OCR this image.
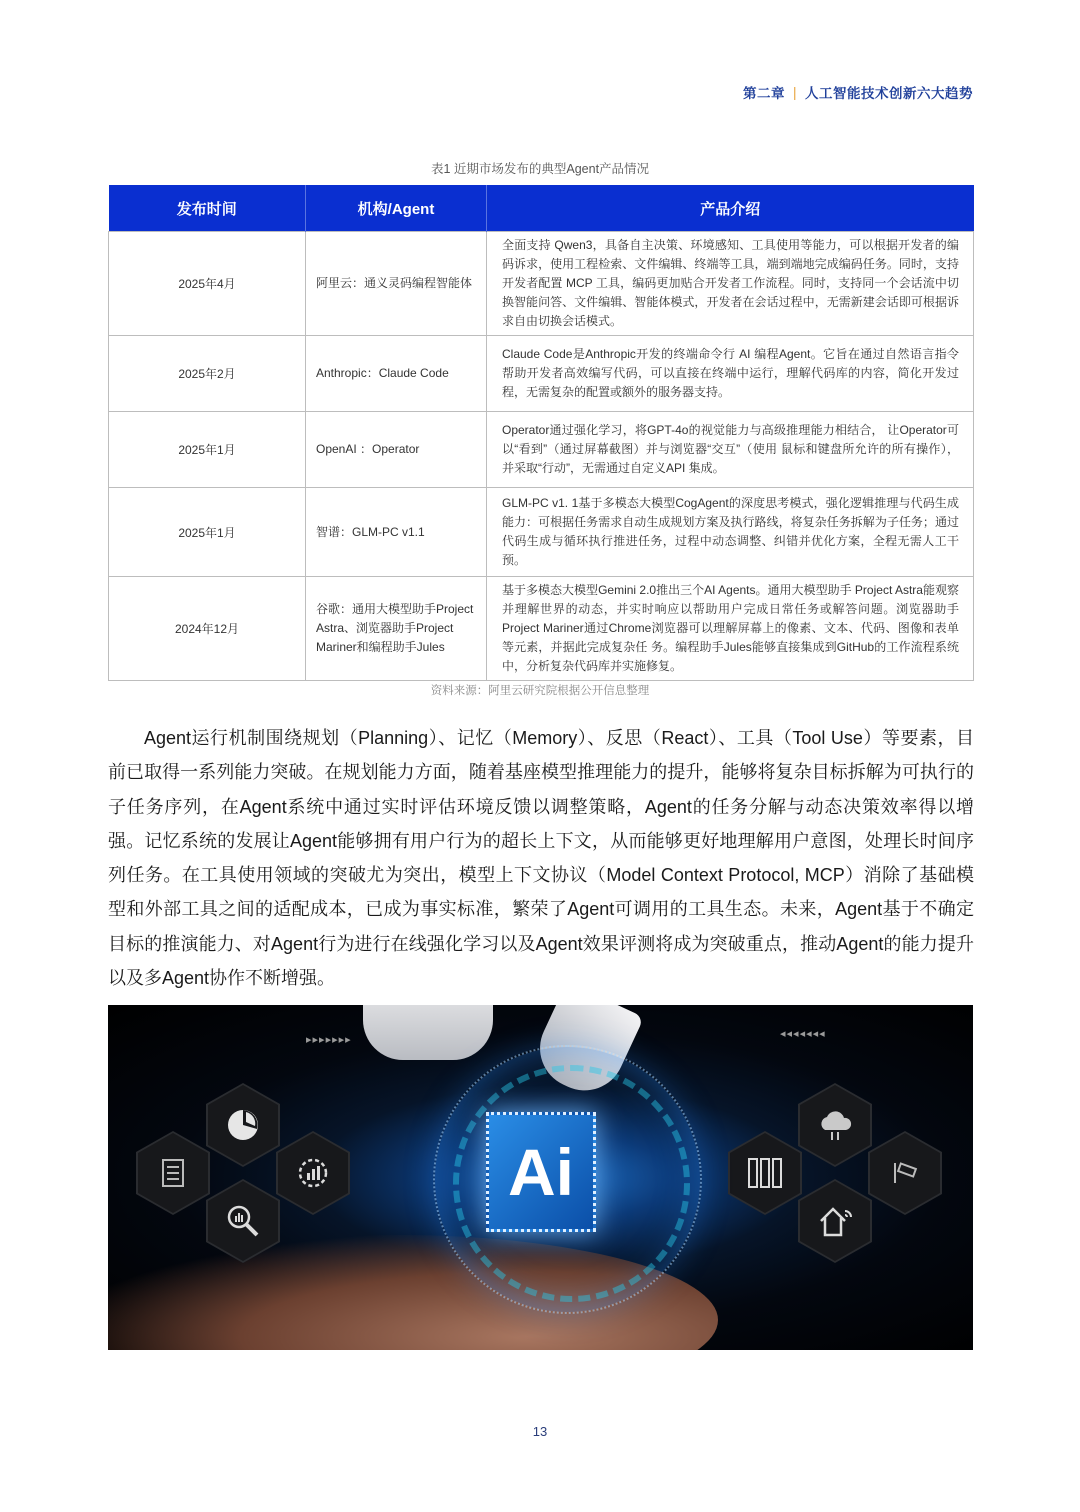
第二章 | 人工智能技术创新六大趋势
表1 近期市场发布的典型Agent产品情况
发布时间	机构/Agent	产品介绍
2025年4月	阿里云：通义灵码编程智能体	全面支持 Qwen3，具备自主决策、环境感知、工具使用等能力，可以根据开发者的编码诉求，使用工程检索、文件编辑、终端等工具，端到端地完成编码任务。同时，支持开发者配置 MCP 工具，编码更加贴合开发者工作流程。同时，支持同一个会话流中切换智能问答、文件编辑、智能体模式，开发者在会话过程中，无需新建会话即可根据诉求自由切换会话模式。
2025年2月	Anthropic：Claude Code	Claude Code是Anthropic开发的终端命令行 AI 编程Agent。它旨在通过自然语言指令帮助开发者高效编写代码，可以直接在终端中运行，理解代码库的内容，简化开发过程，无需复杂的配置或额外的服务器支持。
2025年1月	OpenAI ：Operator	Operator通过强化学习，将GPT-4o的视觉能力与高级推理能力相结合， 让Operator可以“看到”（通过屏幕截图）并与浏览器“交互”（使用 鼠标和键盘所允许的所有操作），并采取“行动”，无需通过自定义API 集成。
2025年1月	智谱：GLM-PC v1.1	GLM-PC v1. 1基于多模态大模型CogAgent的深度思考模式，强化逻辑推理与代码生成能力：可根据任务需求自动生成规划方案及执行路线，将复杂任务拆解为子任务；通过代码生成与循环执行推进任务，过程中动态调整、纠错并优化方案，全程无需人工干预。
2024年12月	谷歌：通用大模型助手Project Astra、浏览器助手Project Mariner和编程助手Jules	基于多模态大模型Gemini 2.0推出三个AI Agents。通用大模型助手 Project Astra能观察并理解世界的动态，并实时响应以帮助用户完成日常任务或解答问题。浏览器助手Project Mariner通过Chrome浏览器可以理解屏幕上的像素、文本、代码、图像和表单等元素，并据此完成复杂任 务。编程助手Jules能够直接集成到GitHub的工作流程系统中，分析复杂代码库并实施修复。
资料来源：阿里云研究院根据公开信息整理

Agent运行机制围绕规划（Planning）、记忆（Memory）、反思（React）、工具（Tool Use）等要素，目前已取得一系列能力突破。在规划能力方面，随着基座模型推理能力的提升，能够将复杂目标拆解为可执行的子任务序列，在Agent系统中通过实时评估环境反馈以调整策略，Agent的任务分解与动态决策效率得以增强。记忆系统的发展让Agent能够拥有用户行为的超长上下文，从而能够更好地理解用户意图，处理长时间序列任务。在工具使用领域的突破尤为突出，模型上下文协议（Model Context Protocol, MCP）消除了基础模型和外部工具之间的适配成本，已成为事实标准，繁荣了Agent可调用的工具生态。未来，Agent基于不确定目标的推演能力、对Agent行为进行在线强化学习以及Agent效果评测将成为突破重点，推动Agent的能力提升以及多Agent协作不断增强。

▸▸▸▸▸▸▸	◂◂◂◂◂◂◂
Ai
13
